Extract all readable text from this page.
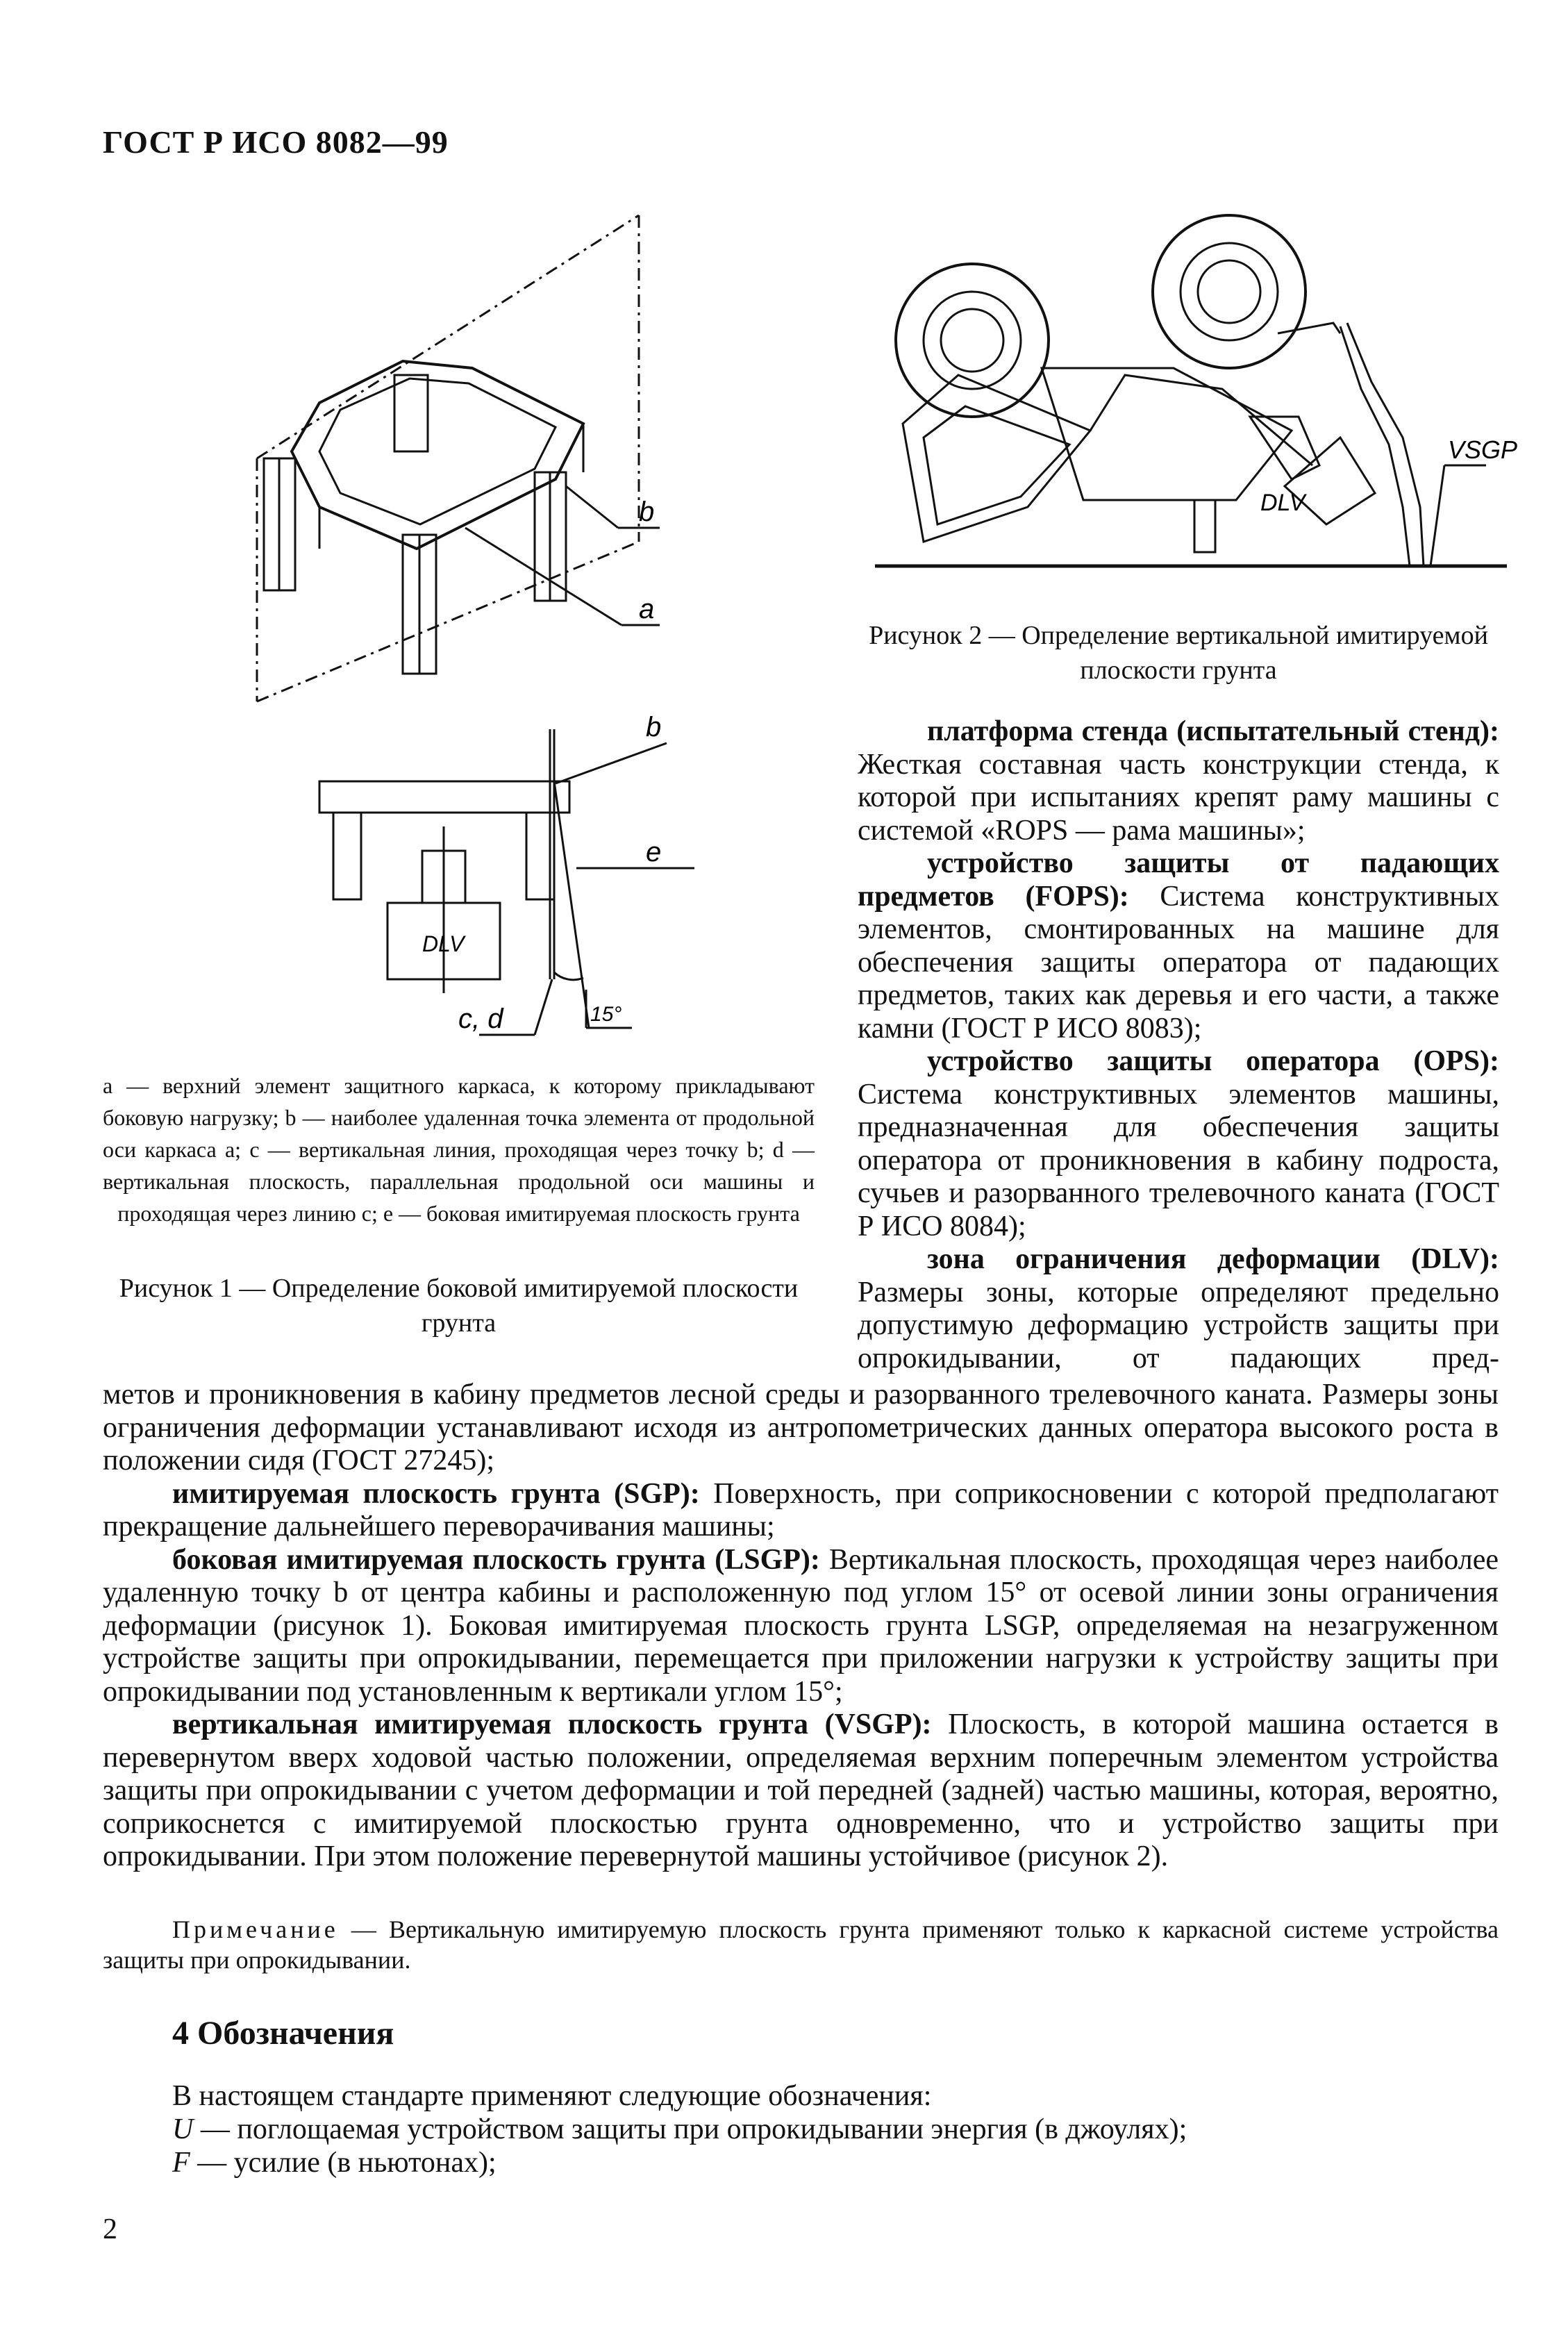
ГОСТ Р ИСО 8082—99
b
a
b
e
DLV
15°
c, d
VSGP
DLV
Рисунок 2 — Определение вертикальной имитируемой плоскости грунта
a — верхний элемент защитного каркаса, к которому прикладывают боковую нагрузку; b — наиболее удаленная точка элемента от продольной оси каркаса a; c — вертикальная линия, проходящая через точку b; d — вертикальная плоскость, параллельная продольной оси машины и проходящая через линию c; e — боковая имитируемая плоскость грунта
Рисунок 1 — Определение боковой имитируемой плоскости грунта

платформа стенда (испытательный стенд): Жесткая составная часть конструкции стенда, к которой при испытаниях крепят раму машины с системой «ROPS — рама машины»;

устройство защиты от падающих предметов (FOPS): Система конструктивных элементов, смонтированных на машине для обеспечения защиты оператора от падающих предметов, таких как деревья и его части, а также камни (ГОСТ Р ИСО 8083);

устройство защиты оператора (OPS): Система конструктивных элементов машины, предназначенная для обеспечения защиты оператора от проникновения в кабину подроста, сучьев и разорванного трелевочного каната (ГОСТ Р ИСО 8084);

зона ограничения деформации (DLV): Размеры зоны, которые определяют предельно допустимую деформацию устройств защиты при опрокидывании, от падающих пред-

метов и проникновения в кабину предметов лесной среды и разорванного трелевочного каната. Размеры зоны ограничения деформации устанавливают исходя из антропометрических данных оператора высокого роста в положении сидя (ГОСТ 27245);

имитируемая плоскость грунта (SGP): Поверхность, при соприкосновении с которой предполагают прекращение дальнейшего переворачивания машины;

боковая имитируемая плоскость грунта (LSGP): Вертикальная плоскость, проходящая через наиболее удаленную точку b от центра кабины и расположенную под углом 15° от осевой линии зоны ограничения деформации (рисунок 1). Боковая имитируемая плоскость грунта LSGP, определяемая на незагруженном устройстве защиты при опрокидывании, перемещается при приложении нагрузки к устройству защиты при опрокидывании под установленным к вертикали углом 15°;

вертикальная имитируемая плоскость грунта (VSGP): Плоскость, в которой машина остается в перевернутом вверх ходовой частью положении, определяемая верхним поперечным элементом устройства защиты при опрокидывании с учетом деформации и той передней (задней) частью машины, которая, вероятно, соприкоснется с имитируемой плоскостью грунта одновременно, что и устройство защиты при опрокидывании. При этом положение перевернутой машины устойчивое (рисунок 2).

Примечание — Вертикальную имитируемую плоскость грунта применяют только к каркасной системе устройства защиты при опрокидывании.
4 Обозначения

В настоящем стандарте применяют следующие обозначения:

U — поглощаемая устройством защиты при опрокидывании энергия (в джоулях);

F — усилие (в ньютонах);

2
